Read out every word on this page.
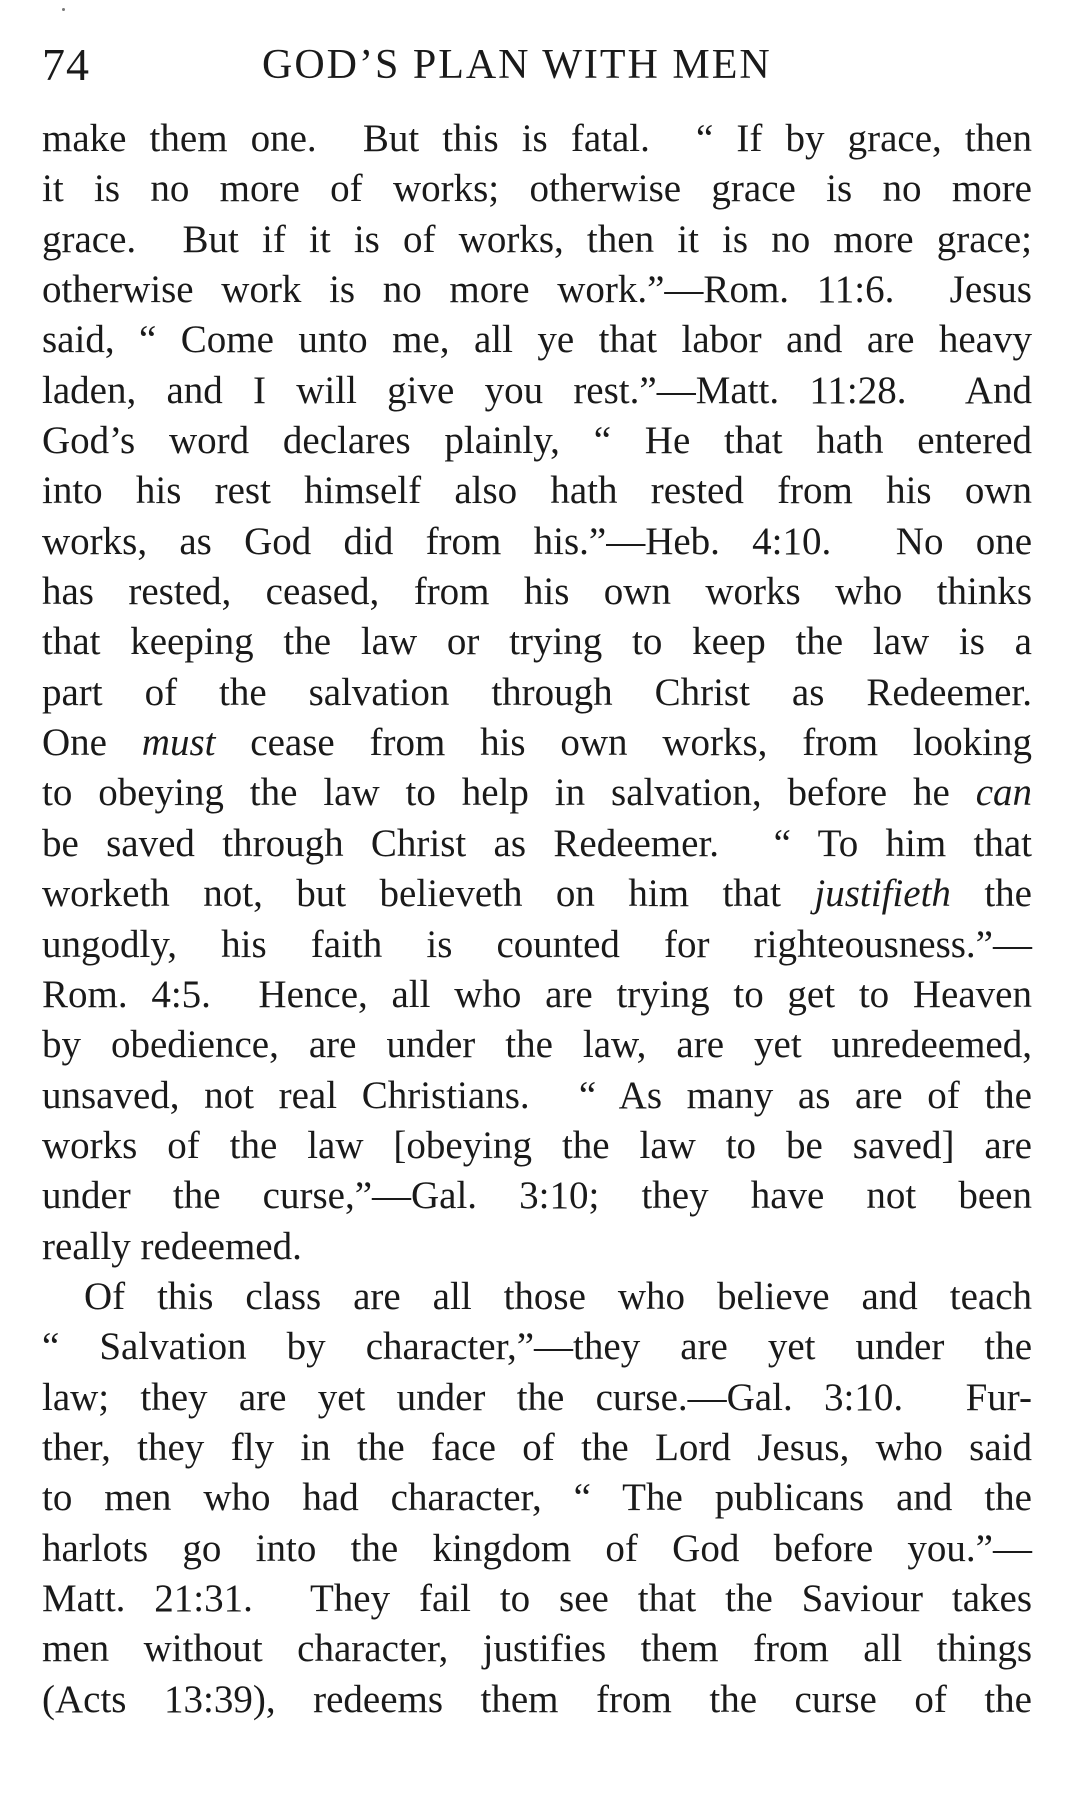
74	GOD’S PLAN WITH MEN
make them one.  But this is fatal.  “ If by grace, then
it is no more of works; otherwise grace is no more
grace.  But if it is of works, then it is no more grace;
otherwise work is no more work.”—Rom. 11:6.  Jesus
said, “ Come unto me, all ye that labor and are heavy
laden, and I will give you rest.”—Matt. 11:28.  And
God’s word declares plainly, “ He that hath entered
into his rest himself also hath rested from his own
works, as God did from his.”—Heb. 4:10.  No one
has rested, ceased, from his own works who thinks
that keeping the law or trying to keep the law is a
part of the salvation through Christ as Redeemer.
One must cease from his own works, from looking
to obeying the law to help in salvation, before he can
be saved through Christ as Redeemer.  “ To him that
worketh not, but believeth on him that justifieth the
ungodly, his faith is counted for righteousness.”—
Rom. 4:5.  Hence, all who are trying to get to Heaven
by obedience, are under the law, are yet unredeemed,
unsaved, not real Christians.  “ As many as are of the
works of the law [obeying the law to be saved] are
under the curse,”—Gal. 3:10; they have not been
really redeemed.
Of this class are all those who believe and teach
“ Salvation by character,”—they are yet under the
law; they are yet under the curse.—Gal. 3:10.  Fur-
ther, they fly in the face of the Lord Jesus, who said
to men who had character, “ The publicans and the
harlots go into the kingdom of God before you.”—
Matt. 21:31.  They fail to see that the Saviour takes
men without character, justifies them from all things
(Acts 13:39), redeems them from the curse of the
